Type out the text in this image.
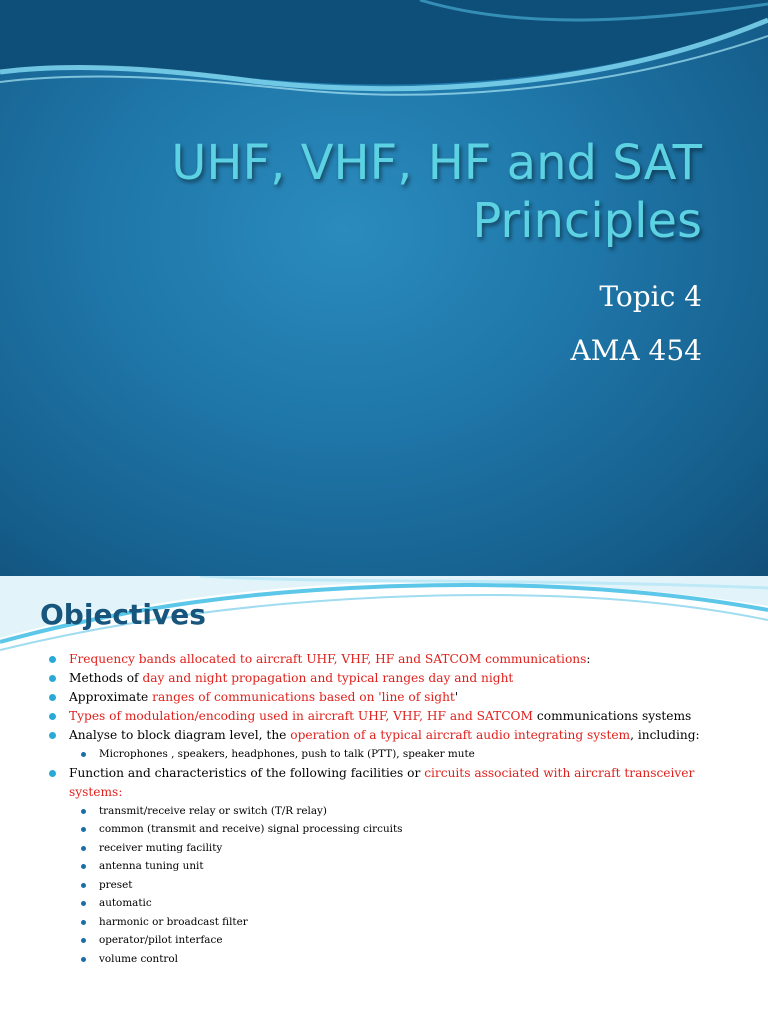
UHF, VHF, HF and SAT Principles
Topic 4
AMA 454
Objectives
Frequency bands allocated to aircraft UHF, VHF, HF and SATCOM communications:
Methods of day and night propagation and typical ranges day and night
Approximate ranges of communications based on 'line of sight'
Types of modulation/encoding used in aircraft UHF, VHF, HF and SATCOM communications systems
Analyse to block diagram level, the operation of a typical aircraft audio integrating system, including:
Microphones , speakers, headphones, push to talk (PTT), speaker mute
Function and characteristics of the following facilities or circuits associated with aircraft transceiver systems:
transmit/receive relay or switch (T/R relay)
common (transmit and receive) signal processing circuits
receiver muting facility
antenna tuning unit
preset
automatic
harmonic or broadcast filter
operator/pilot interface
volume control
